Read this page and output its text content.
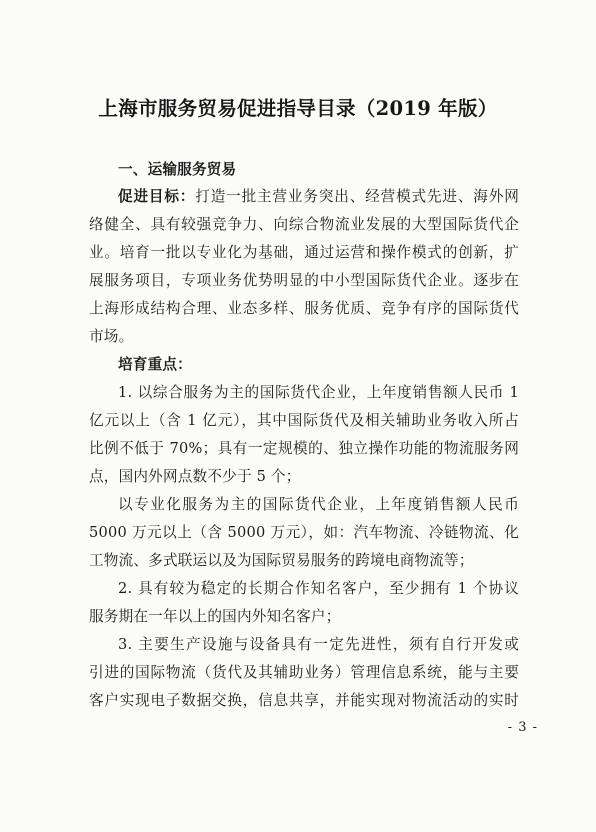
上海市服务贸易促进指导目录（2019 年版）
一、运输服务贸易
促进目标：打造一批主营业务突出、经营模式先进、海外网
络健全、具有较强竞争力、向综合物流业发展的大型国际货代企
业。培育一批以专业化为基础，通过运营和操作模式的创新，扩
展服务项目，专项业务优势明显的中小型国际货代企业。逐步在
上海形成结构合理、业态多样、服务优质、竞争有序的国际货代
市场。
培育重点：
1. 以综合服务为主的国际货代企业，上年度销售额人民币 1
亿元以上（含 1 亿元），其中国际货代及相关辅助业务收入所占
比例不低于 70%；具有一定规模的、独立操作功能的物流服务网
点，国内外网点数不少于 5 个；
以专业化服务为主的国际货代企业，上年度销售额人民币
5000 万元以上（含 5000 万元），如：汽车物流、冷链物流、化
工物流、多式联运以及为国际贸易服务的跨境电商物流等；
2. 具有较为稳定的长期合作知名客户，至少拥有 1 个协议
服务期在一年以上的国内外知名客户；
3. 主要生产设施与设备具有一定先进性，须有自行开发或
引进的国际物流（货代及其辅助业务）管理信息系统，能与主要
客户实现电子数据交换，信息共享，并能实现对物流活动的实时
- 3 -
